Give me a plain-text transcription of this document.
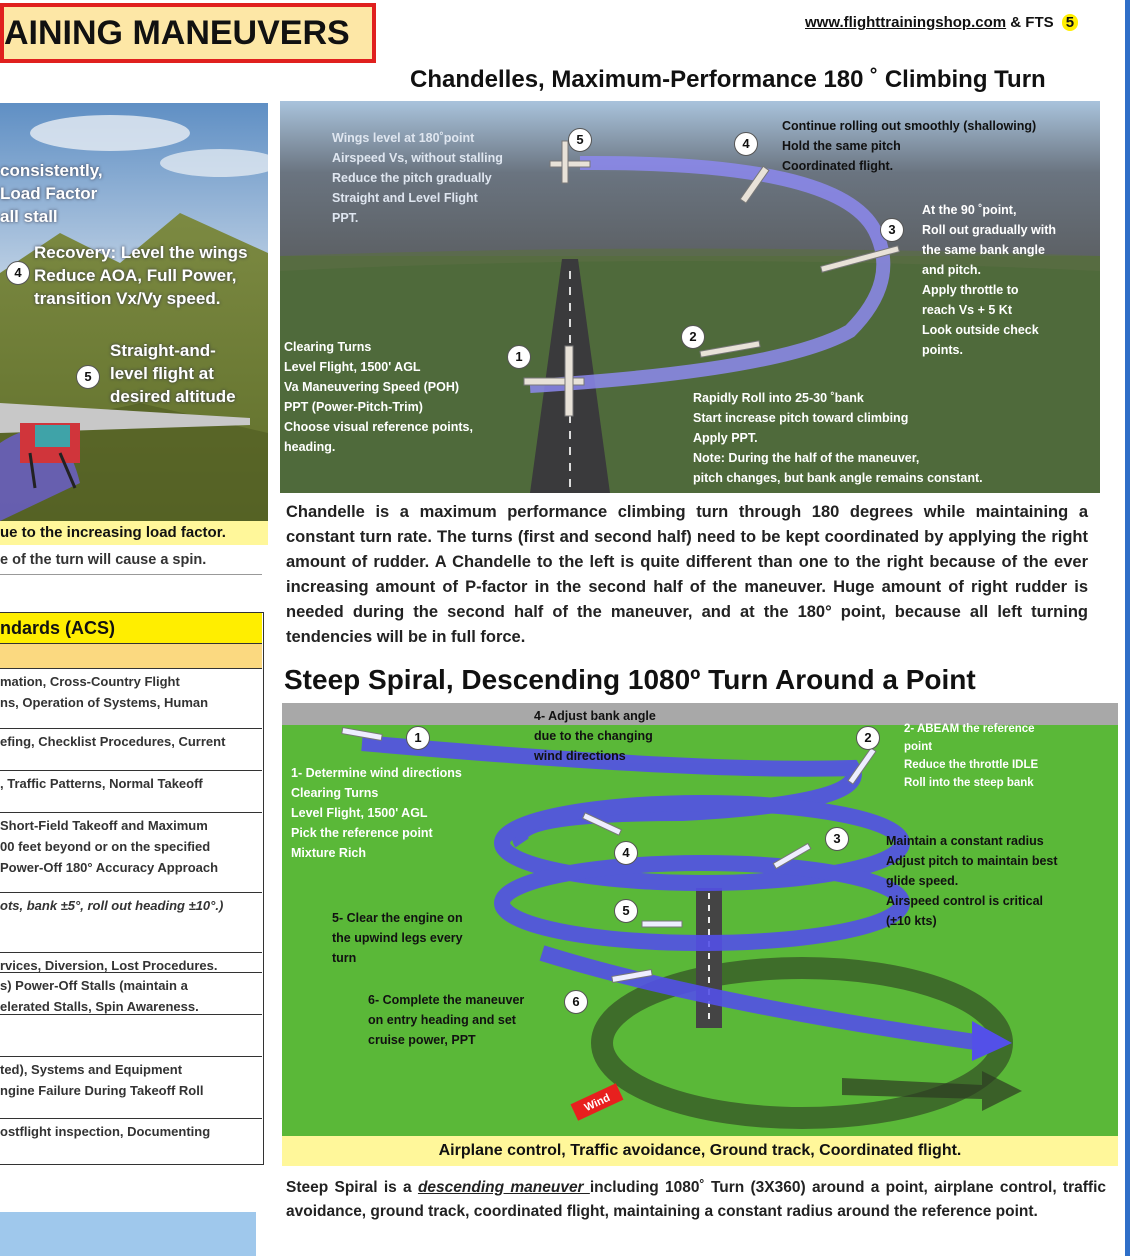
AINING MANEUVERS	www.flighttrainingshop.com & FTS 5
consistently,
Load Factor
all stall
4
Recovery: Level the wings
Reduce AOA, Full Power,
transition Vx/Vy speed.
5
Straight-and-
level flight at
desired altitude
ue to the increasing load factor.
e of the turn will cause a spin.
ndards (ACS)
mation, Cross-Country Flight
ns, Operation of Systems, Human
efing, Checklist Procedures, Current
, Traffic Patterns, Normal Takeoff
Short-Field Takeoff and Maximum
00 feet beyond or on the specified
Power-Off 180° Accuracy Approach
ots, bank ±5°, roll out heading ±10°.)
rvices, Diversion, Lost Procedures.
s) Power-Off Stalls (maintain a
elerated Stalls, Spin Awareness.
ted), Systems and Equipment
ngine Failure During Takeoff Roll
ostflight inspection, Documenting
Chandelles, Maximum-Performance 180 ˚ Climbing Turn
5
Wings level at 180˚point
Airspeed Vs, without stalling
Reduce the pitch gradually
Straight and Level Flight
PPT.
4
Continue rolling out smoothly (shallowing)
Hold the same pitch
Coordinated flight.
3
At the 90 ˚point,
Roll out gradually with
the same bank angle
and pitch.
Apply throttle to
reach Vs + 5 Kt
Look outside check
points.
2
Rapidly Roll into 25-30 ˚bank
Start increase pitch toward climbing
Apply PPT.
Note: During the half of the maneuver,
pitch changes, but bank angle remains constant.
1
Clearing Turns
Level Flight, 1500' AGL
Va Maneuvering Speed (POH)
PPT (Power-Pitch-Trim)
Choose visual reference points,
heading.
Chandelle is a maximum performance climbing turn through 180 degrees while maintaining a constant turn rate. The turns (first and second half) need to be kept coordinated by applying the right amount of rudder. A Chandelle to the left is quite different than one to the right because of the ever increasing amount of P-factor in the second half of the maneuver. Huge amount of right rudder is needed during the second half of the maneuver, and at the 180° point, because all left turning tendencies will be in full force.
Steep Spiral, Descending 1080º Turn Around a Point
4- Adjust bank angle
due to the changing
wind directions
1	2
2- ABEAM the reference
point
Reduce the throttle IDLE
Roll into the steep bank
1- Determine wind directions
Clearing Turns
Level Flight, 1500' AGL
Pick the reference point
Mixture Rich
3	Maintain a constant radius
Adjust pitch to maintain best
glide speed.
Airspeed control is critical
(±10 kts)
4
5
5- Clear the engine on
the upwind legs every
turn
6
6- Complete the maneuver
on entry heading and set
cruise power, PPT
Wind
Airplane control, Traffic avoidance, Ground track, Coordinated flight.
Steep Spiral is a descending maneuver including 1080˚ Turn (3X360) around a point, airplane control, traffic avoidance, ground track, coordinated flight, maintaining a constant radius around the reference point.
